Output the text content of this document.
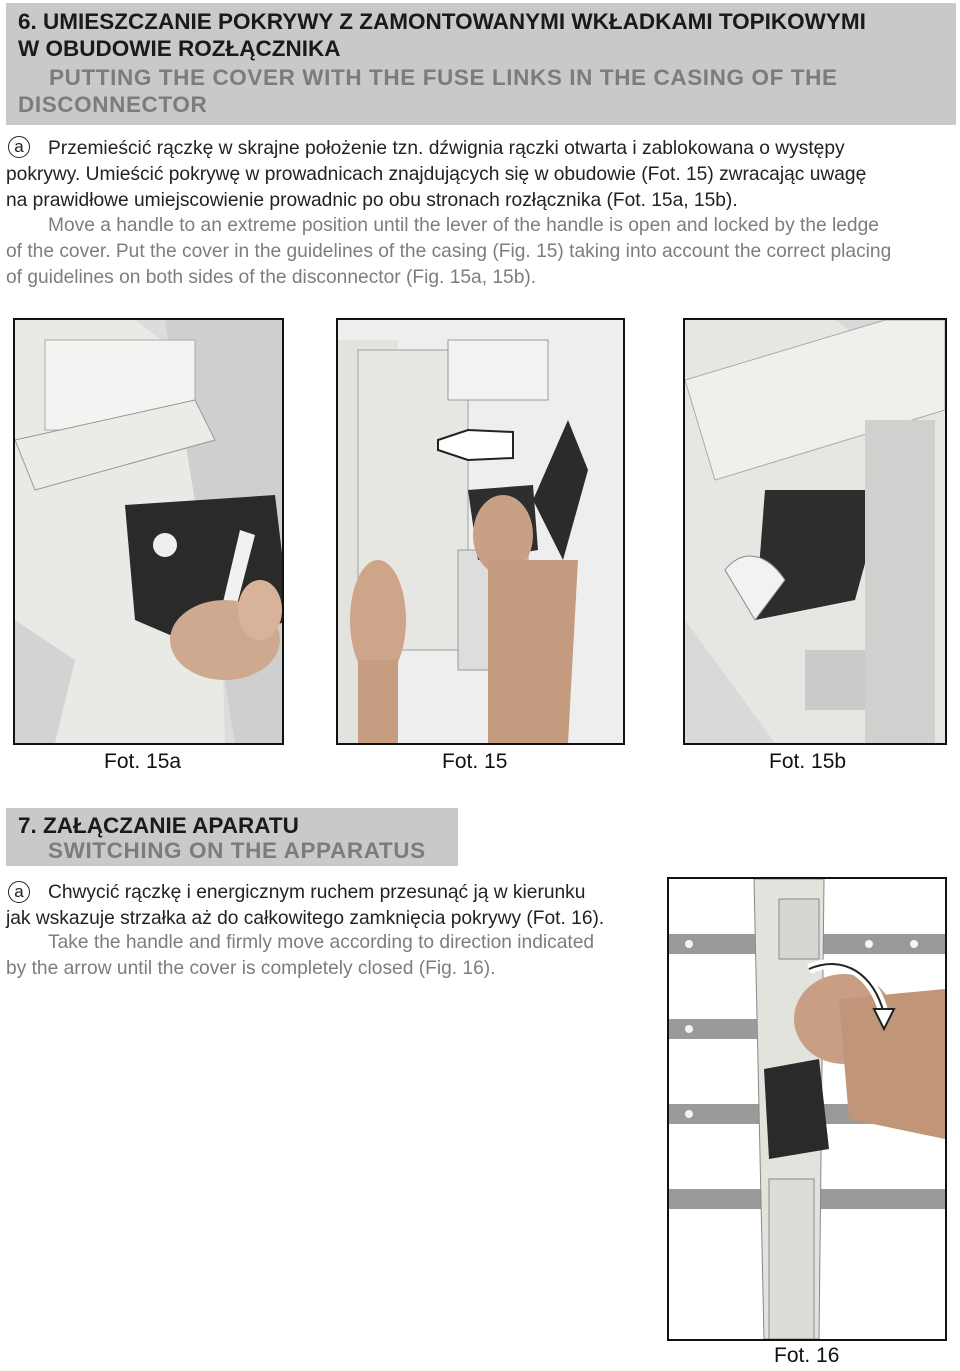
6. UMIESZCZANIE POKRYWY Z ZAMONTOWANYMI WKŁADKAMI TOPIKOWYMI

W OBUDOWIE ROZŁĄCZNIKA

PUTTING THE COVER WITH THE FUSE LINKS IN THE CASING OF THE

DISCONNECTOR

a	Przemieścić rączkę w skrajne położenie tzn. dźwignia rączki otwarta i zablokowana o występy

pokrywy. Umieścić pokrywę w prowadnicach znajdujących się w obudowie (Fot. 15) zwracając uwagę

na prawidłowe umiejscowienie prowadnic po obu stronach rozłącznika (Fot. 15a, 15b).

Move a handle to an extreme position until the lever of the handle is open and locked by the ledge

of the cover. Put the cover in the guidelines of the casing (Fig. 15) taking into account the correct placing

of guidelines on both sides of the disconnector (Fig. 15a, 15b).

Fot. 15a	Fot. 15	Fot. 15b

7. ZAŁĄCZANIE APARATU

SWITCHING ON THE APPARATUS

a	Chwycić rączkę i energicznym ruchem przesunąć ją w kierunku

jak wskazuje strzałka aż do całkowitego zamknięcia pokrywy (Fot. 16).

Take the handle and firmly move according to direction indicated

by the arrow until the cover is completely closed (Fig. 16).

Fot. 16
